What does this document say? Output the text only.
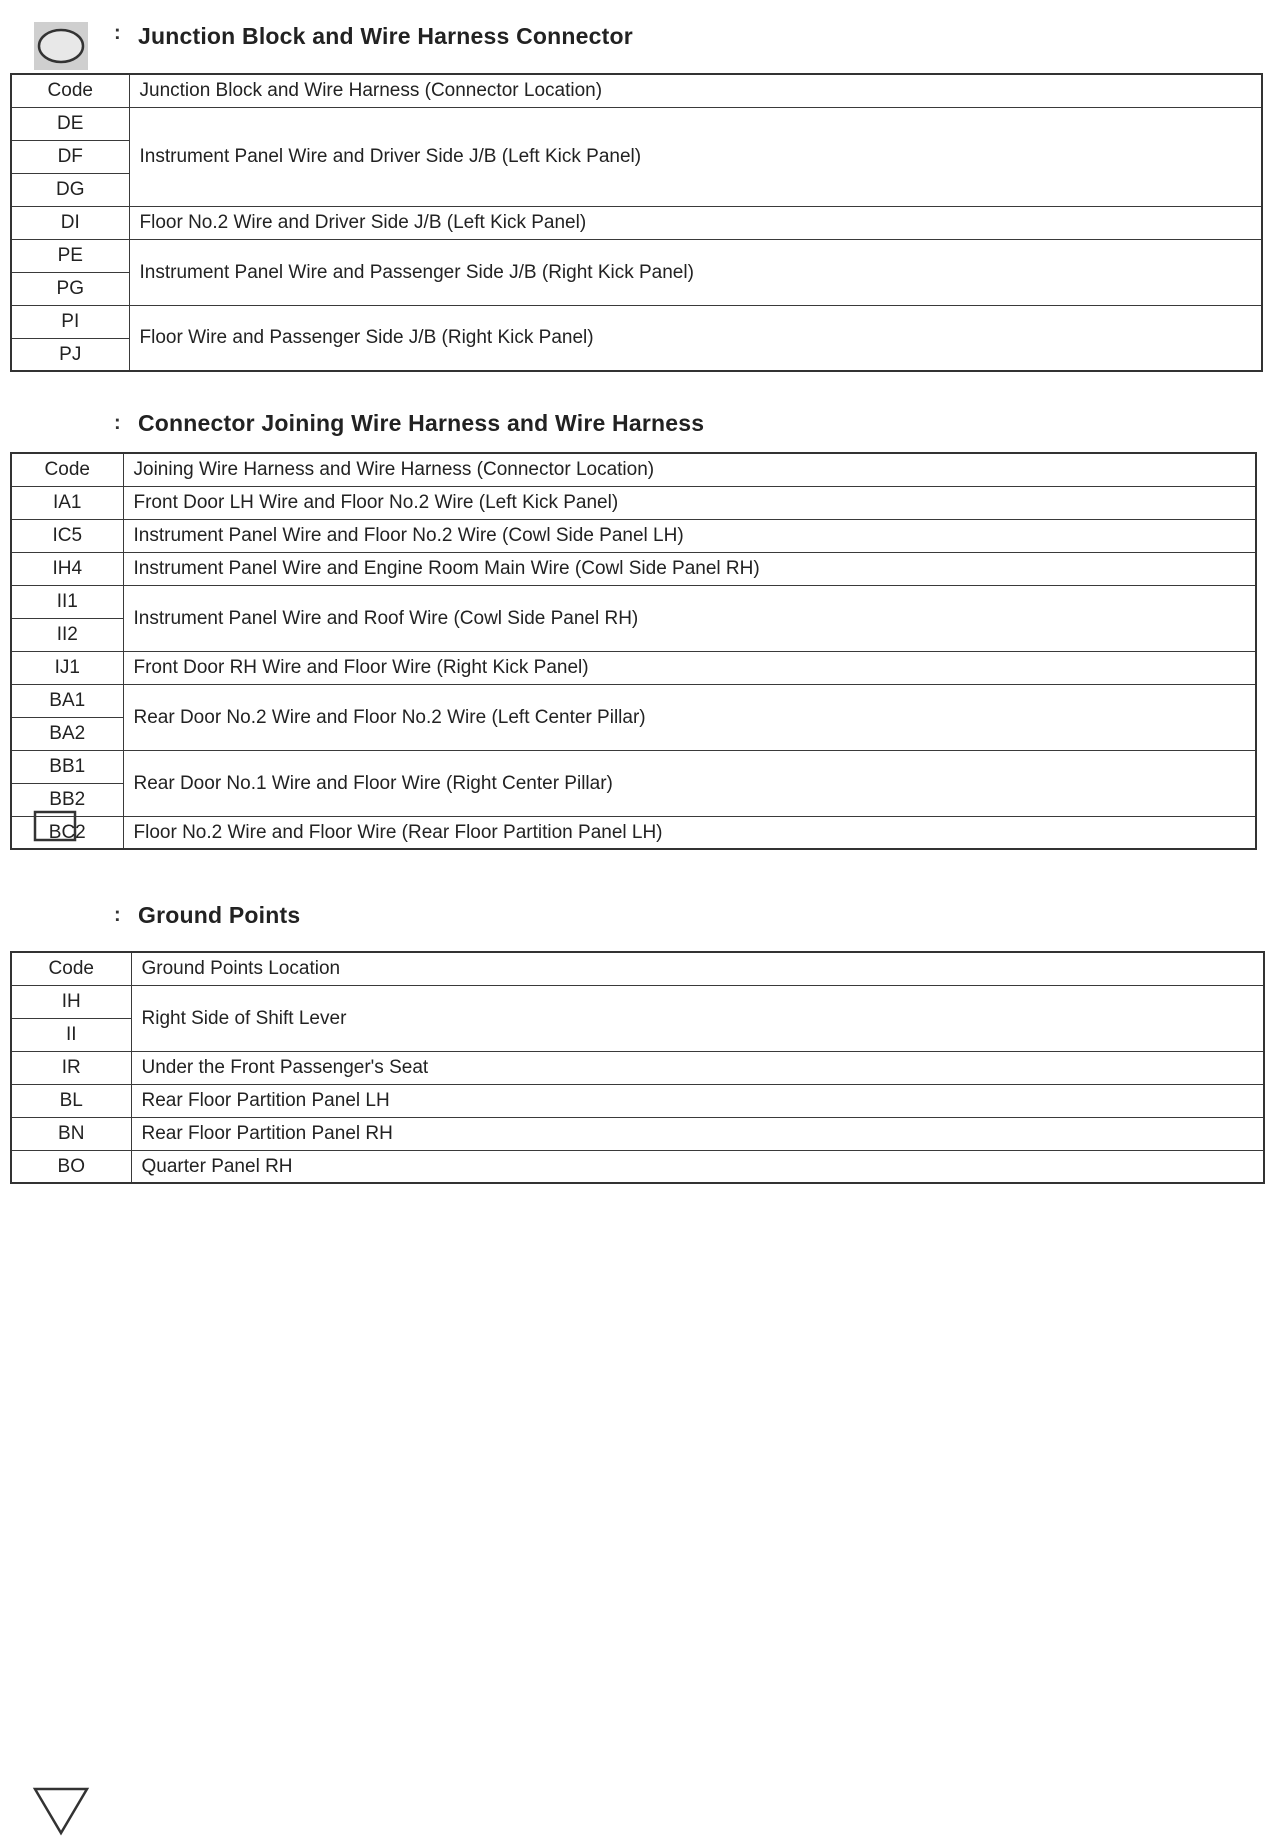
: Junction Block and Wire Harness Connector
Code	Junction Block and Wire Harness (Connector Location)
DE	Instrument Panel Wire and Driver Side J/B (Left Kick Panel)
DF	
DG	
DI	Floor No.2 Wire and Driver Side J/B (Left Kick Panel)
PE	Instrument Panel Wire and Passenger Side J/B (Right Kick Panel)
PG	
PI	Floor Wire and Passenger Side J/B (Right Kick Panel)
PJ	
: Connector Joining Wire Harness and Wire Harness
Code	Joining Wire Harness and Wire Harness (Connector Location)
IA1	Front Door LH Wire and Floor No.2 Wire (Left Kick Panel)
IC5	Instrument Panel Wire and Floor No.2 Wire (Cowl Side Panel LH)
IH4	Instrument Panel Wire and Engine Room Main Wire (Cowl Side Panel RH)
II1	Instrument Panel Wire and Roof Wire (Cowl Side Panel RH)
II2	
IJ1	Front Door RH Wire and Floor Wire (Right Kick Panel)
BA1	Rear Door No.2 Wire and Floor No.2 Wire (Left Center Pillar)
BA2	
BB1	Rear Door No.1 Wire and Floor Wire (Right Center Pillar)
BB2	
BC2	Floor No.2 Wire and Floor Wire (Rear Floor Partition Panel LH)
: Ground Points
Code	Ground Points Location
IH	Right Side of Shift Lever
II	
IR	Under the Front Passenger's Seat
BL	Rear Floor Partition Panel LH
BN	Rear Floor Partition Panel RH
BO	Quarter Panel RH
